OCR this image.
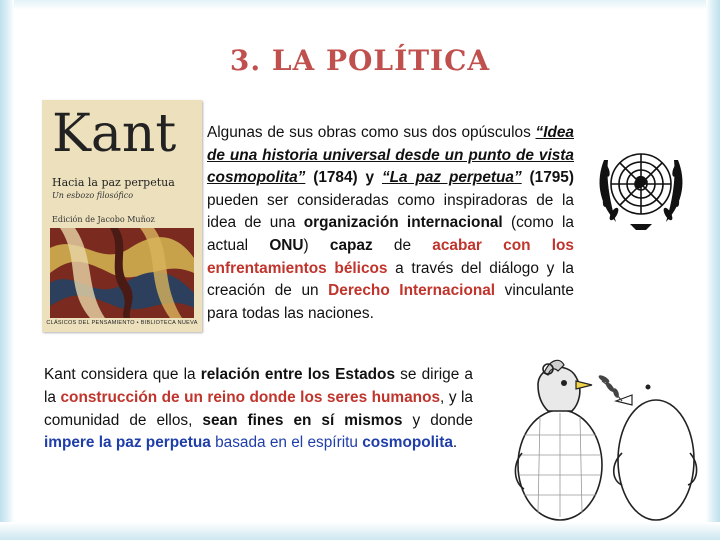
3. LA POLÍTICA
Kant
Hacia la paz perpetua
Un esbozo filosófico
Edición de Jacobo Muñoz
CLÁSICOS DEL PENSAMIENTO • BIBLIOTECA NUEVA
Algunas de sus obras como sus dos opúsculos “Idea de una historia universal desde un punto de vista cosmopolita” (1784) y “La paz perpetua” (1795) pueden ser consideradas como inspiradoras de la idea de una organización internacional (como la actual ONU) capaz de acabar con los enfrentamientos bélicos a través del diálogo y la creación de un Derecho Internacional vinculante para todas las naciones.
Kant considera que la relación entre los Estados se dirige a la construcción de un reino donde los seres humanos, y la comunidad de ellos, sean fines en sí mismos y donde impere la paz perpetua basada en el espíritu cosmopolita.
